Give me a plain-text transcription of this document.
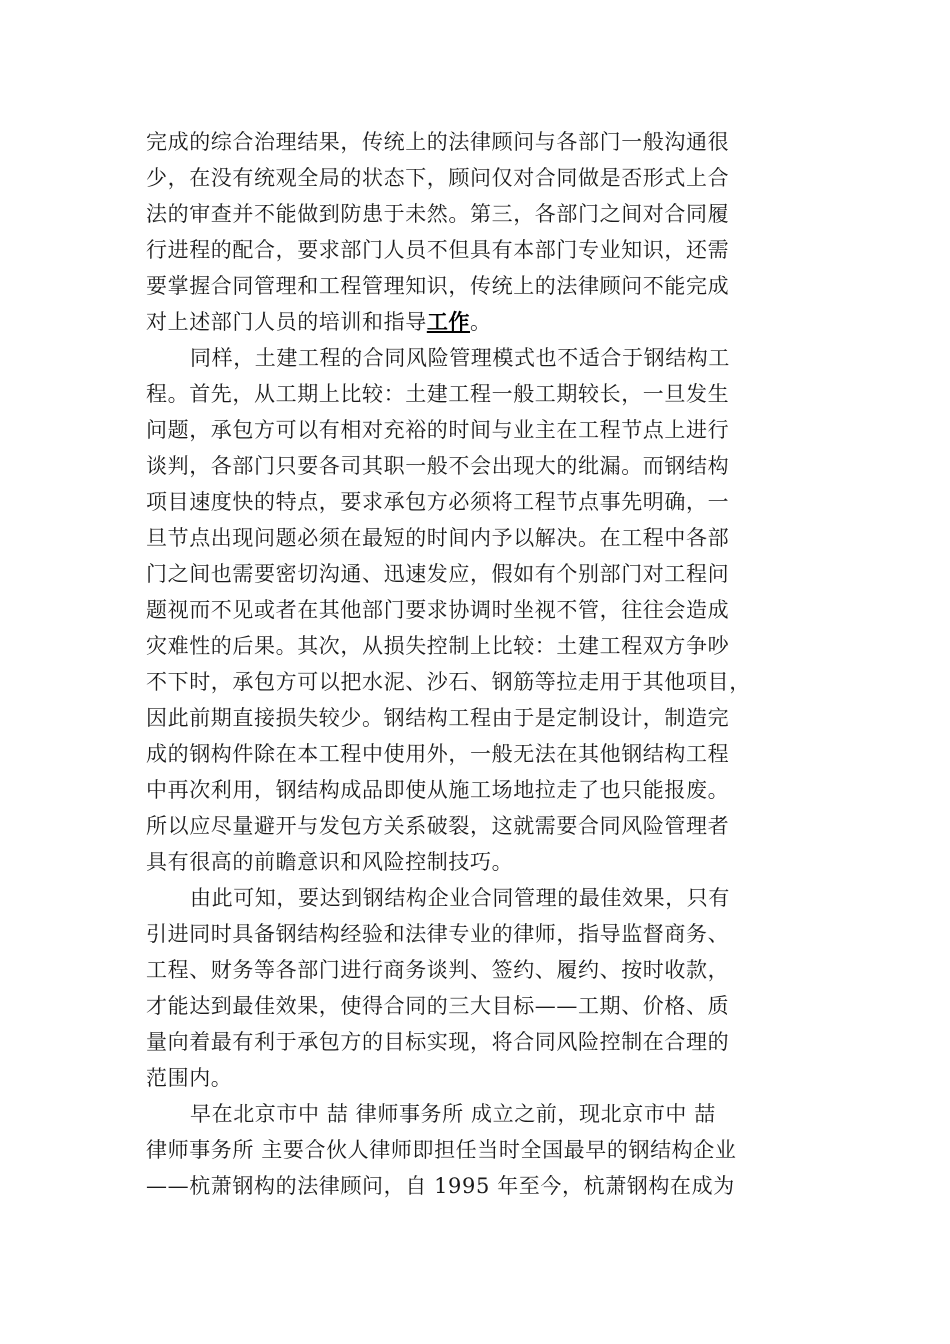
完成的综合治理结果，传统上的法律顾问与各部门一般沟通很
少，在没有统观全局的状态下，顾问仅对合同做是否形式上合
法的审查并不能做到防患于未然。第三，各部门之间对合同履
行进程的配合，要求部门人员不但具有本部门专业知识，还需
要掌握合同管理和工程管理知识，传统上的法律顾问不能完成
对上述部门人员的培训和指导工作。
同样，土建工程的合同风险管理模式也不适合于钢结构工
程。首先，从工期上比较：土建工程一般工期较长，一旦发生
问题，承包方可以有相对充裕的时间与业主在工程节点上进行
谈判，各部门只要各司其职一般不会出现大的纰漏。而钢结构
项目速度快的特点，要求承包方必须将工程节点事先明确，一
旦节点出现问题必须在最短的时间内予以解决。在工程中各部
门之间也需要密切沟通、迅速发应，假如有个别部门对工程问
题视而不见或者在其他部门要求协调时坐视不管，往往会造成
灾难性的后果。其次，从损失控制上比较：土建工程双方争吵
不下时，承包方可以把水泥、沙石、钢筋等拉走用于其他项目，
因此前期直接损失较少。钢结构工程由于是定制设计，制造完
成的钢构件除在本工程中使用外，一般无法在其他钢结构工程
中再次利用，钢结构成品即使从施工场地拉走了也只能报废。
所以应尽量避开与发包方关系破裂，这就需要合同风险管理者
具有很高的前瞻意识和风险控制技巧。
由此可知，要达到钢结构企业合同管理的最佳效果，只有
引进同时具备钢结构经验和法律专业的律师，指导监督商务、
工程、财务等各部门进行商务谈判、签约、履约、按时收款，
才能达到最佳效果，使得合同的三大目标——工期、价格、质
量向着最有利于承包方的目标实现，将合同风险控制在合理的
范围内。
早在北京市中 喆 律师事务所 成立之前，现北京市中 喆
律师事务所 主要合伙人律师即担任当时全国最早的钢结构企业
——杭萧钢构的法律顾问，自 1995 年至今，杭萧钢构在成为
